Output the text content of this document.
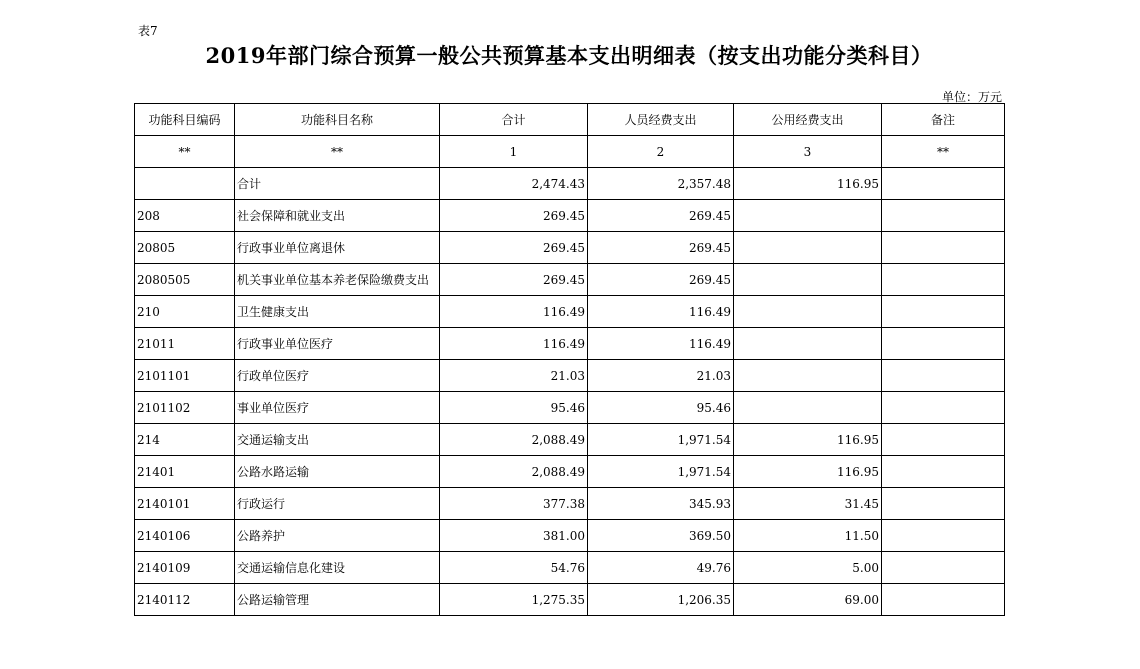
表7
2019年部门综合预算一般公共预算基本支出明细表（按支出功能分类科目）
单位：万元
功能科目编码	功能科目名称	合计	人员经费支出	公用经费支出	备注
**	**	1	2	3	**
	合计	2,474.43	2,357.48	116.95	
208	社会保障和就业支出	269.45	269.45		
20805	行政事业单位离退休	269.45	269.45		
2080505	机关事业单位基本养老保险缴费支出	269.45	269.45		
210	卫生健康支出	116.49	116.49		
21011	行政事业单位医疗	116.49	116.49		
2101101	行政单位医疗	21.03	21.03		
2101102	事业单位医疗	95.46	95.46		
214	交通运输支出	2,088.49	1,971.54	116.95	
21401	公路水路运输	2,088.49	1,971.54	116.95	
2140101	行政运行	377.38	345.93	31.45	
2140106	公路养护	381.00	369.50	11.50	
2140109	交通运输信息化建设	54.76	49.76	5.00	
2140112	公路运输管理	1,275.35	1,206.35	69.00	
